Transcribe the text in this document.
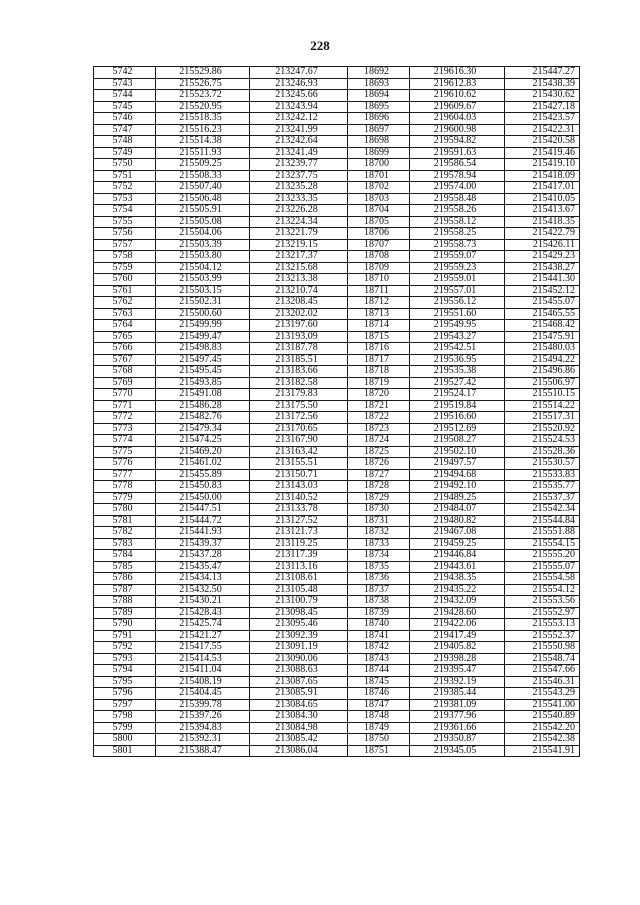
228
5742	215529.86	213247.67	18692	219616.30	215447.27
5743	215526.75	213246.93	18693	219612.83	215438.39
5744	215523.72	213245.66	18694	219610.62	215430.62
5745	215520.95	213243.94	18695	219609.67	215427.18
5746	215518.35	213242.12	18696	219604.03	215423.57
5747	215516.23	213241.99	18697	219600.98	215422.31
5748	215514.38	213242.64	18698	219594.82	215420.58
5749	215511.93	213241.49	18699	219591.63	215419.46
5750	215509.25	213239.77	18700	219586.54	215419.10
5751	215508.33	213237.75	18701	219578.94	215418.09
5752	215507.40	213235.28	18702	219574.00	215417.01
5753	215506.48	213233.35	18703	219558.48	215410.05
5754	215505.91	213226.28	18704	219558.26	215413.67
5755	215505.08	213224.34	18705	219558.12	215418.35
5756	215504.06	213221.79	18706	219558.25	215422.79
5757	215503.39	213219.15	18707	219558.73	215426.11
5758	215503.80	213217.37	18708	219559.07	215429.23
5759	215504.12	213215.68	18709	219559.23	215438.27
5760	215503.99	213213.38	18710	219559.01	215441.30
5761	215503.15	213210.74	18711	219557.01	215452.12
5762	215502.31	213208.45	18712	219556.12	215455.07
5763	215500.60	213202.02	18713	219551.60	215465.55
5764	215499.99	213197.60	18714	219549.95	215468.42
5765	215499.47	213193.09	18715	219543.27	215475.91
5766	215498.83	213187.78	18716	219542.51	215480.03
5767	215497.45	213185.51	18717	219536.95	215494.22
5768	215495.45	213183.66	18718	219535.38	215496.86
5769	215493.85	213182.58	18719	219527.42	215506.97
5770	215491.08	213179.83	18720	219524.17	215510.15
5771	215486.28	213175.50	18721	219519.84	215514.22
5772	215482.76	213172.56	18722	219516.60	215517.31
5773	215479.34	213170.65	18723	219512.69	215520.92
5774	215474.25	213167.90	18724	219508.27	215524.53
5775	215469.20	213163.42	18725	219502.10	215528.36
5776	215461.02	213155.51	18726	219497.57	215530.57
5777	215455.89	213150.71	18727	219494.68	215533.83
5778	215450.83	213143.03	18728	219492.10	215535.77
5779	215450.00	213140.52	18729	219489.25	215537.37
5780	215447.51	213133.78	18730	219484.07	215542.34
5781	215444.72	213127.52	18731	219480.82	215544.84
5782	215441.93	213121.73	18732	219467.08	215551.88
5783	215439.37	213119.25	18733	219459.25	215554.15
5784	215437.28	213117.39	18734	219446.84	215555.20
5785	215435.47	213113.16	18735	219443.61	215555.07
5786	215434.13	213108.61	18736	219438.35	215554.58
5787	215432.50	213105.48	18737	219435.22	215554.12
5788	215430.21	213100.79	18738	219432.09	215553.56
5789	215428.43	213098.45	18739	219428.60	215552.97
5790	215425.74	213095.46	18740	219422.06	215553.13
5791	215421.27	213092.39	18741	219417.49	215552.37
5792	215417.55	213091.19	18742	219405.82	215550.98
5793	215414.53	213090.06	18743	219398.28	215548.74
5794	215411.04	213088.63	18744	219395.47	215547.66
5795	215408.19	213087.65	18745	219392.19	215546.31
5796	215404.45	213085.91	18746	219385.44	215543.29
5797	215399.78	213084.65	18747	219381.09	215541.00
5798	215397.26	213084.30	18748	219377.96	215540.89
5799	215394.83	213084.98	18749	219361.66	215542.20
5800	215392.31	213085.42	18750	219350.87	215542.38
5801	215388.47	213086.04	18751	219345.05	215541.91
